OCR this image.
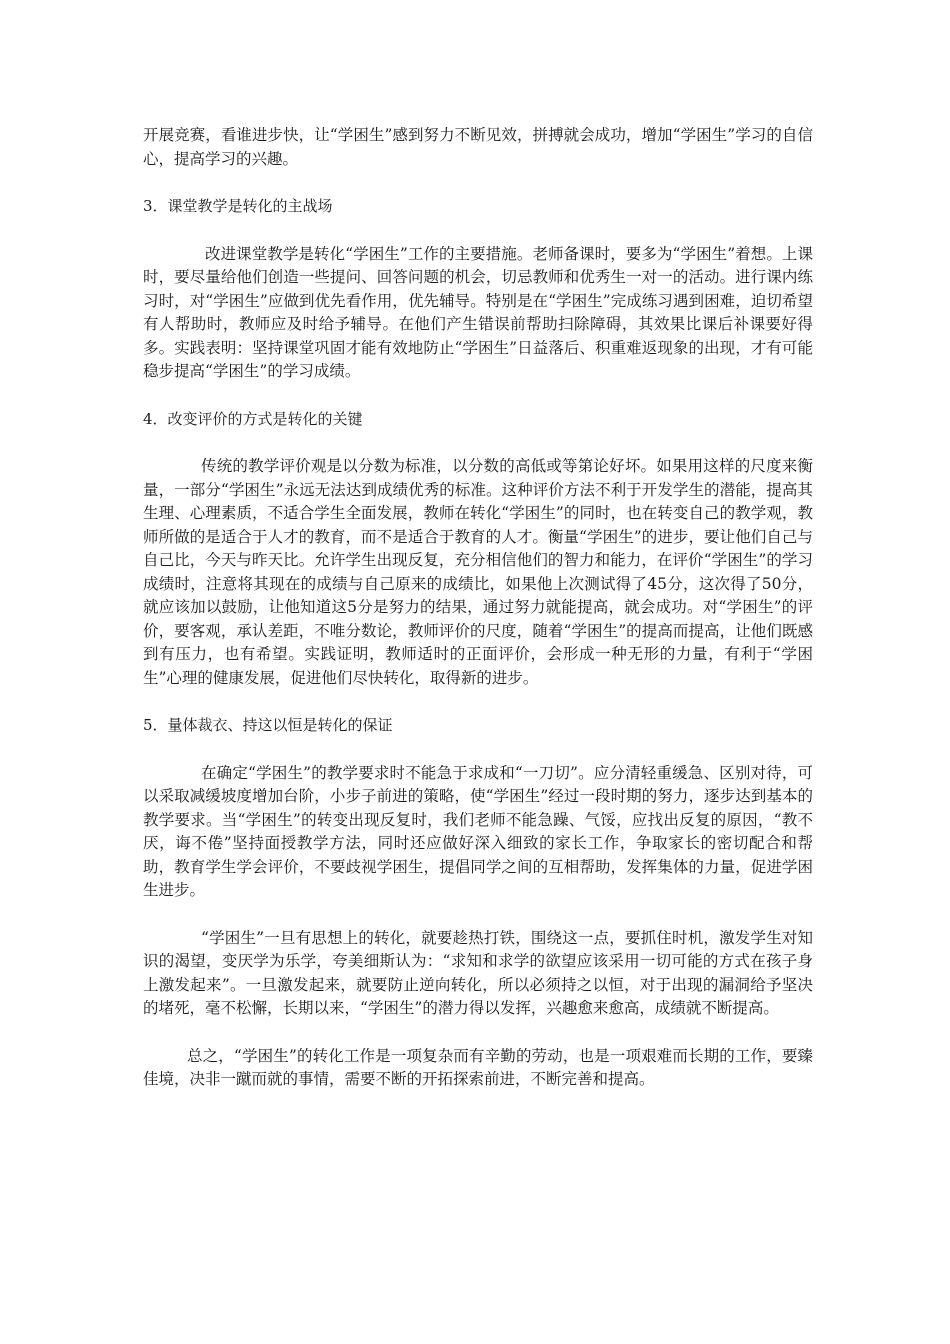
开展竞赛，看谁进步快，让“学困生”感到努力不断见效，拼搏就会成功，增加“学困生”学习的自信心，提高学习的兴趣。

3．课堂教学是转化的主战场

改进课堂教学是转化“学困生”工作的主要措施。老师备课时，要多为“学困生”着想。上课时，要尽量给他们创造一些提问、回答问题的机会，切忌教师和优秀生一对一的活动。进行课内练习时，对“学困生”应做到优先看作用，优先辅导。特别是在“学困生”完成练习遇到困难，迫切希望有人帮助时，教师应及时给予辅导。在他们产生错误前帮助扫除障碍，其效果比课后补课要好得多。实践表明：坚持课堂巩固才能有效地防止“学困生”日益落后、积重难返现象的出现，才有可能稳步提高“学困生”的学习成绩。

4．改变评价的方式是转化的关键

传统的教学评价观是以分数为标准，以分数的高低或等第论好坏。如果用这样的尺度来衡量，一部分“学困生”永远无法达到成绩优秀的标准。这种评价方法不利于开发学生的潜能，提高其生理、心理素质，不适合学生全面发展，教师在转化“学困生”的同时，也在转变自己的教学观，教师所做的是适合于人才的教育，而不是适合于教育的人才。衡量“学困生”的进步，要让他们自己与自己比，今天与昨天比。允许学生出现反复，充分相信他们的智力和能力，在评价“学困生”的学习成绩时，注意将其现在的成绩与自己原来的成绩比，如果他上次测试得了45分，这次得了50分，就应该加以鼓励，让他知道这5分是努力的结果，通过努力就能提高，就会成功。对“学困生”的评价，要客观，承认差距，不唯分数论，教师评价的尺度，随着“学困生”的提高而提高，让他们既感到有压力，也有希望。实践证明，教师适时的正面评价，会形成一种无形的力量，有利于“学困生”心理的健康发展，促进他们尽快转化，取得新的进步。

5．量体裁衣、持这以恒是转化的保证

在确定“学困生”的教学要求时不能急于求成和“一刀切”。应分清轻重缓急、区别对待，可以采取减缓坡度增加台阶，小步子前进的策略，使“学困生”经过一段时期的努力，逐步达到基本的教学要求。当“学困生”的转变出现反复时，我们老师不能急躁、气馁，应找出反复的原因，“教不厌，诲不倦”坚持面授教学方法，同时还应做好深入细致的家长工作，争取家长的密切配合和帮助，教育学生学会评价，不要歧视学困生，提倡同学之间的互相帮助，发挥集体的力量，促进学困生进步。

“学困生”一旦有思想上的转化，就要趁热打铁，围绕这一点，要抓住时机，激发学生对知识的渴望，变厌学为乐学，夸美细斯认为：“求知和求学的欲望应该采用一切可能的方式在孩子身上激发起来”。一旦激发起来，就要防止逆向转化，所以必须持之以恒，对于出现的漏洞给予坚决的堵死，毫不松懈，长期以来，“学困生”的潜力得以发挥，兴趣愈来愈高，成绩就不断提高。

总之，“学困生”的转化工作是一项复杂而有辛勤的劳动，也是一项艰难而长期的工作，要臻佳境，决非一蹴而就的事情，需要不断的开拓探索前进，不断完善和提高。
